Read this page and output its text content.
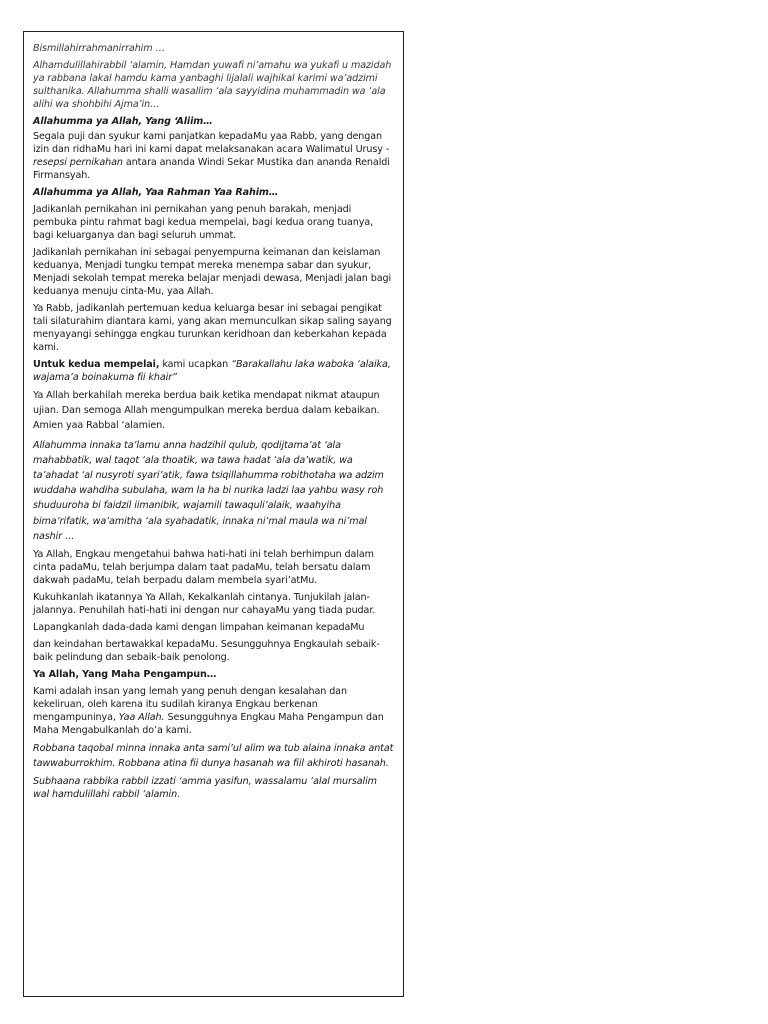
Bismillahirrahmanirrahim …

Alhamdulillahirabbil ‘alamin, Hamdan yuwafi ni’amahu wa yukafi u mazidah ya rabbana lakal hamdu kama yanbaghi lijalali wajhikal karimi wa’adzimi sulthanika. Allahumma shalli wasallim ‘ala sayyidina muhammadin wa ‘ala alihi wa shohbihi Ajma’in…

Allahumma ya Allah, Yang ‘Aliim…

Segala puji dan syukur kami panjatkan kepadaMu yaa Rabb, yang dengan izin dan ridhaMu hari ini kami dapat melaksanakan acara Walimatul Urusy - resepsi pernikahan antara ananda Windi Sekar Mustika dan ananda Renaldi Firmansyah.

Allahumma ya Allah, Yaa Rahman Yaa Rahim…

Jadikanlah pernikahan ini pernikahan yang penuh barakah, menjadi pembuka pintu rahmat bagi kedua mempelai, bagi kedua orang tuanya, bagi keluarganya dan bagi seluruh ummat.

Jadikanlah pernikahan ini sebagai penyempurna keimanan dan keislaman keduanya, Menjadi tungku tempat mereka menempa sabar dan syukur, Menjadi sekolah tempat mereka belajar menjadi dewasa, Menjadi jalan bagi keduanya menuju cinta-Mu, yaa Allah.

Ya Rabb, jadikanlah pertemuan kedua keluarga besar ini sebagai pengikat tali silaturahim diantara kami, yang akan memunculkan sikap saling sayang menyayangi sehingga engkau turunkan keridhoan dan keberkahan kepada kami.

Untuk kedua mempelai, kami ucapkan “Barakallahu laka waboka ‘alaika, wajama’a boinakuma fii khair”

Ya Allah berkahilah mereka berdua baik ketika mendapat nikmat ataupun ujian. Dan semoga Allah mengumpulkan mereka berdua dalam kebaikan. Amien yaa Rabbal ‘alamien.

Allahumma innaka ta’lamu anna hadzihil qulub, qodijtama’at ‘ala mahabbatik, wal taqot ‘ala thoatik, wa tawa hadat ‘ala da’watik, wa ta’ahadat ‘al nusyroti syari’atik, fawa tsiqillahumma robithotaha wa adzim wuddaha wahdiha subulaha, wam la ha bi nurika ladzi laa yahbu wasy roh shuduuroha bi faidzil iimanibik, wajamili tawaquli’alaik, waahyiha bima’rifatik, wa’amitha ‘ala syahadatik, innaka ni’mal maula wa ni’mal nashir …

Ya Allah, Engkau mengetahui bahwa hati-hati ini telah berhimpun dalam cinta padaMu, telah berjumpa dalam taat padaMu, telah bersatu dalam dakwah padaMu, telah berpadu dalam membela syari’atMu.

Kukuhkanlah ikatannya Ya Allah, Kekalkanlah cintanya. Tunjukilah jalan-jalannya. Penuhilah hati-hati ini dengan nur cahayaMu yang tiada pudar.

Lapangkanlah dada-dada kami dengan limpahan keimanan kepadaMu

dan keindahan bertawakkal kepadaMu. Sesungguhnya Engkaulah sebaik-baik pelindung dan sebaik-baik penolong.

Ya Allah, Yang Maha Pengampun…

Kami adalah insan yang lemah yang penuh dengan kesalahan dan kekeliruan, oleh karena itu sudilah kiranya Engkau berkenan mengampuninya, Yaa Allah. Sesungguhnya Engkau Maha Pengampun dan Maha Mengabulkanlah do’a kami.

Robbana taqobal minna innaka anta sami’ul alim wa tub alaina innaka antat tawwaburrokhim. Robbana atina fii dunya hasanah wa fiil akhiroti hasanah.

Subhaana rabbika rabbil izzati ‘amma yasifun, wassalamu ‘alal mursalim wal hamdulillahi rabbil ‘alamin.
